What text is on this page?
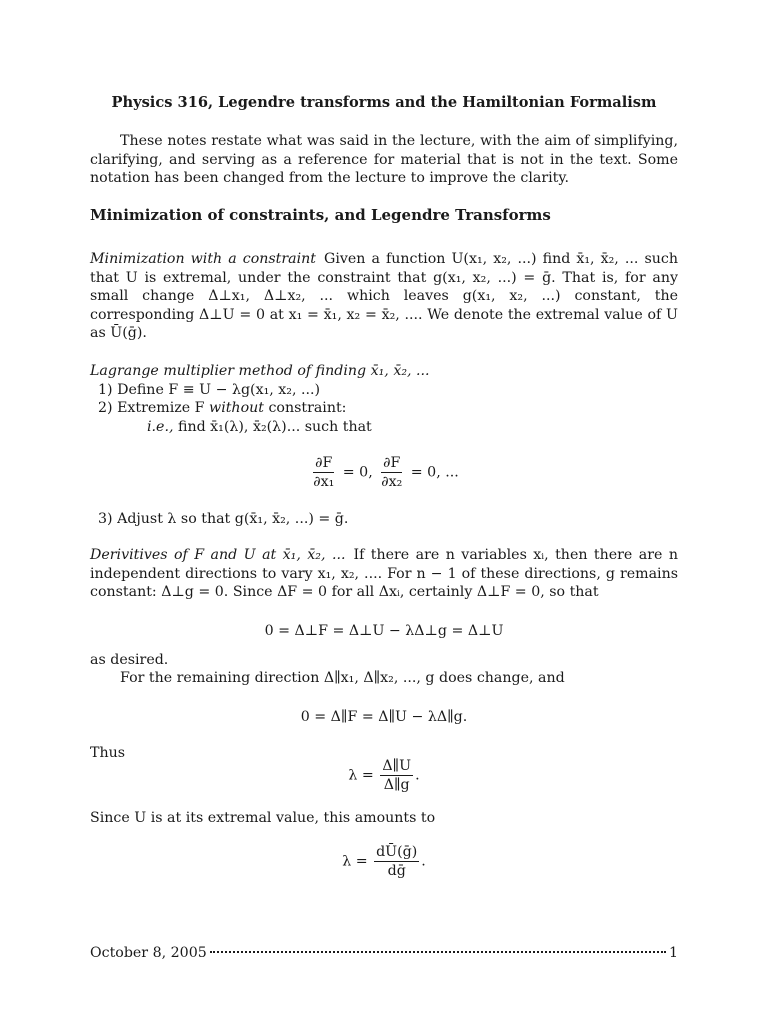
Physics 316, Legendre transforms and the Hamiltonian Formalism
These notes restate what was said in the lecture, with the aim of simplifying, clarifying, and serving as a reference for material that is not in the text. Some notation has been changed from the lecture to improve the clarity.
Minimization of constraints, and Legendre Transforms
Minimization with a constraint Given a function U(x₁, x₂, ...) find x̄₁, x̄₂, ... such that U is extremal, under the constraint that g(x₁, x₂, ...) = ḡ. That is, for any small change Δ⊥x₁, Δ⊥x₂, ... which leaves g(x₁, x₂, ...) constant, the corresponding Δ⊥U = 0 at x₁ = x̄₁, x₂ = x̄₂, .... We denote the extremal value of U as Ū(ḡ).
Lagrange multiplier method of finding x̄₁, x̄₂, ...
1) Define F ≡ U − λg(x₁, x₂, ...)
2) Extremize F without constraint:
i.e., find x̄₁(λ), x̄₂(λ)... such that
$\frac{\partial F}{\text{∂x₁}} = 0$, $\frac{\partial F}{\text{∂x₂}} = 0$, ...
3) Adjust λ so that g(x̄₁, x̄₂, ...) = ḡ.
Derivitives of F and U at x̄₁, x̄₂, ... If there are n variables xᵢ, then there are n independent directions to vary x₁, x₂, .... For n − 1 of these directions, g remains constant: Δ⊥g = 0. Since ΔF = 0 for all Δxᵢ, certainly Δ⊥F = 0, so that
0 = Δ⊥F = Δ⊥U − λΔ⊥g = Δ⊥U
as desired.
For the remaining direction Δ∥x₁, Δ∥x₂, ..., g does change, and
0 = Δ∥F = Δ∥U − λΔ∥g.
Thus
$\lambda = \frac{\Delta\parallel U}{\Delta\parallel g}$ .
Since U is at its extremal value, this amounts to
$\lambda = \frac{\text{dŪ(ḡ)}}{\text{dḡ}}$ .
October 8, 2005	1
